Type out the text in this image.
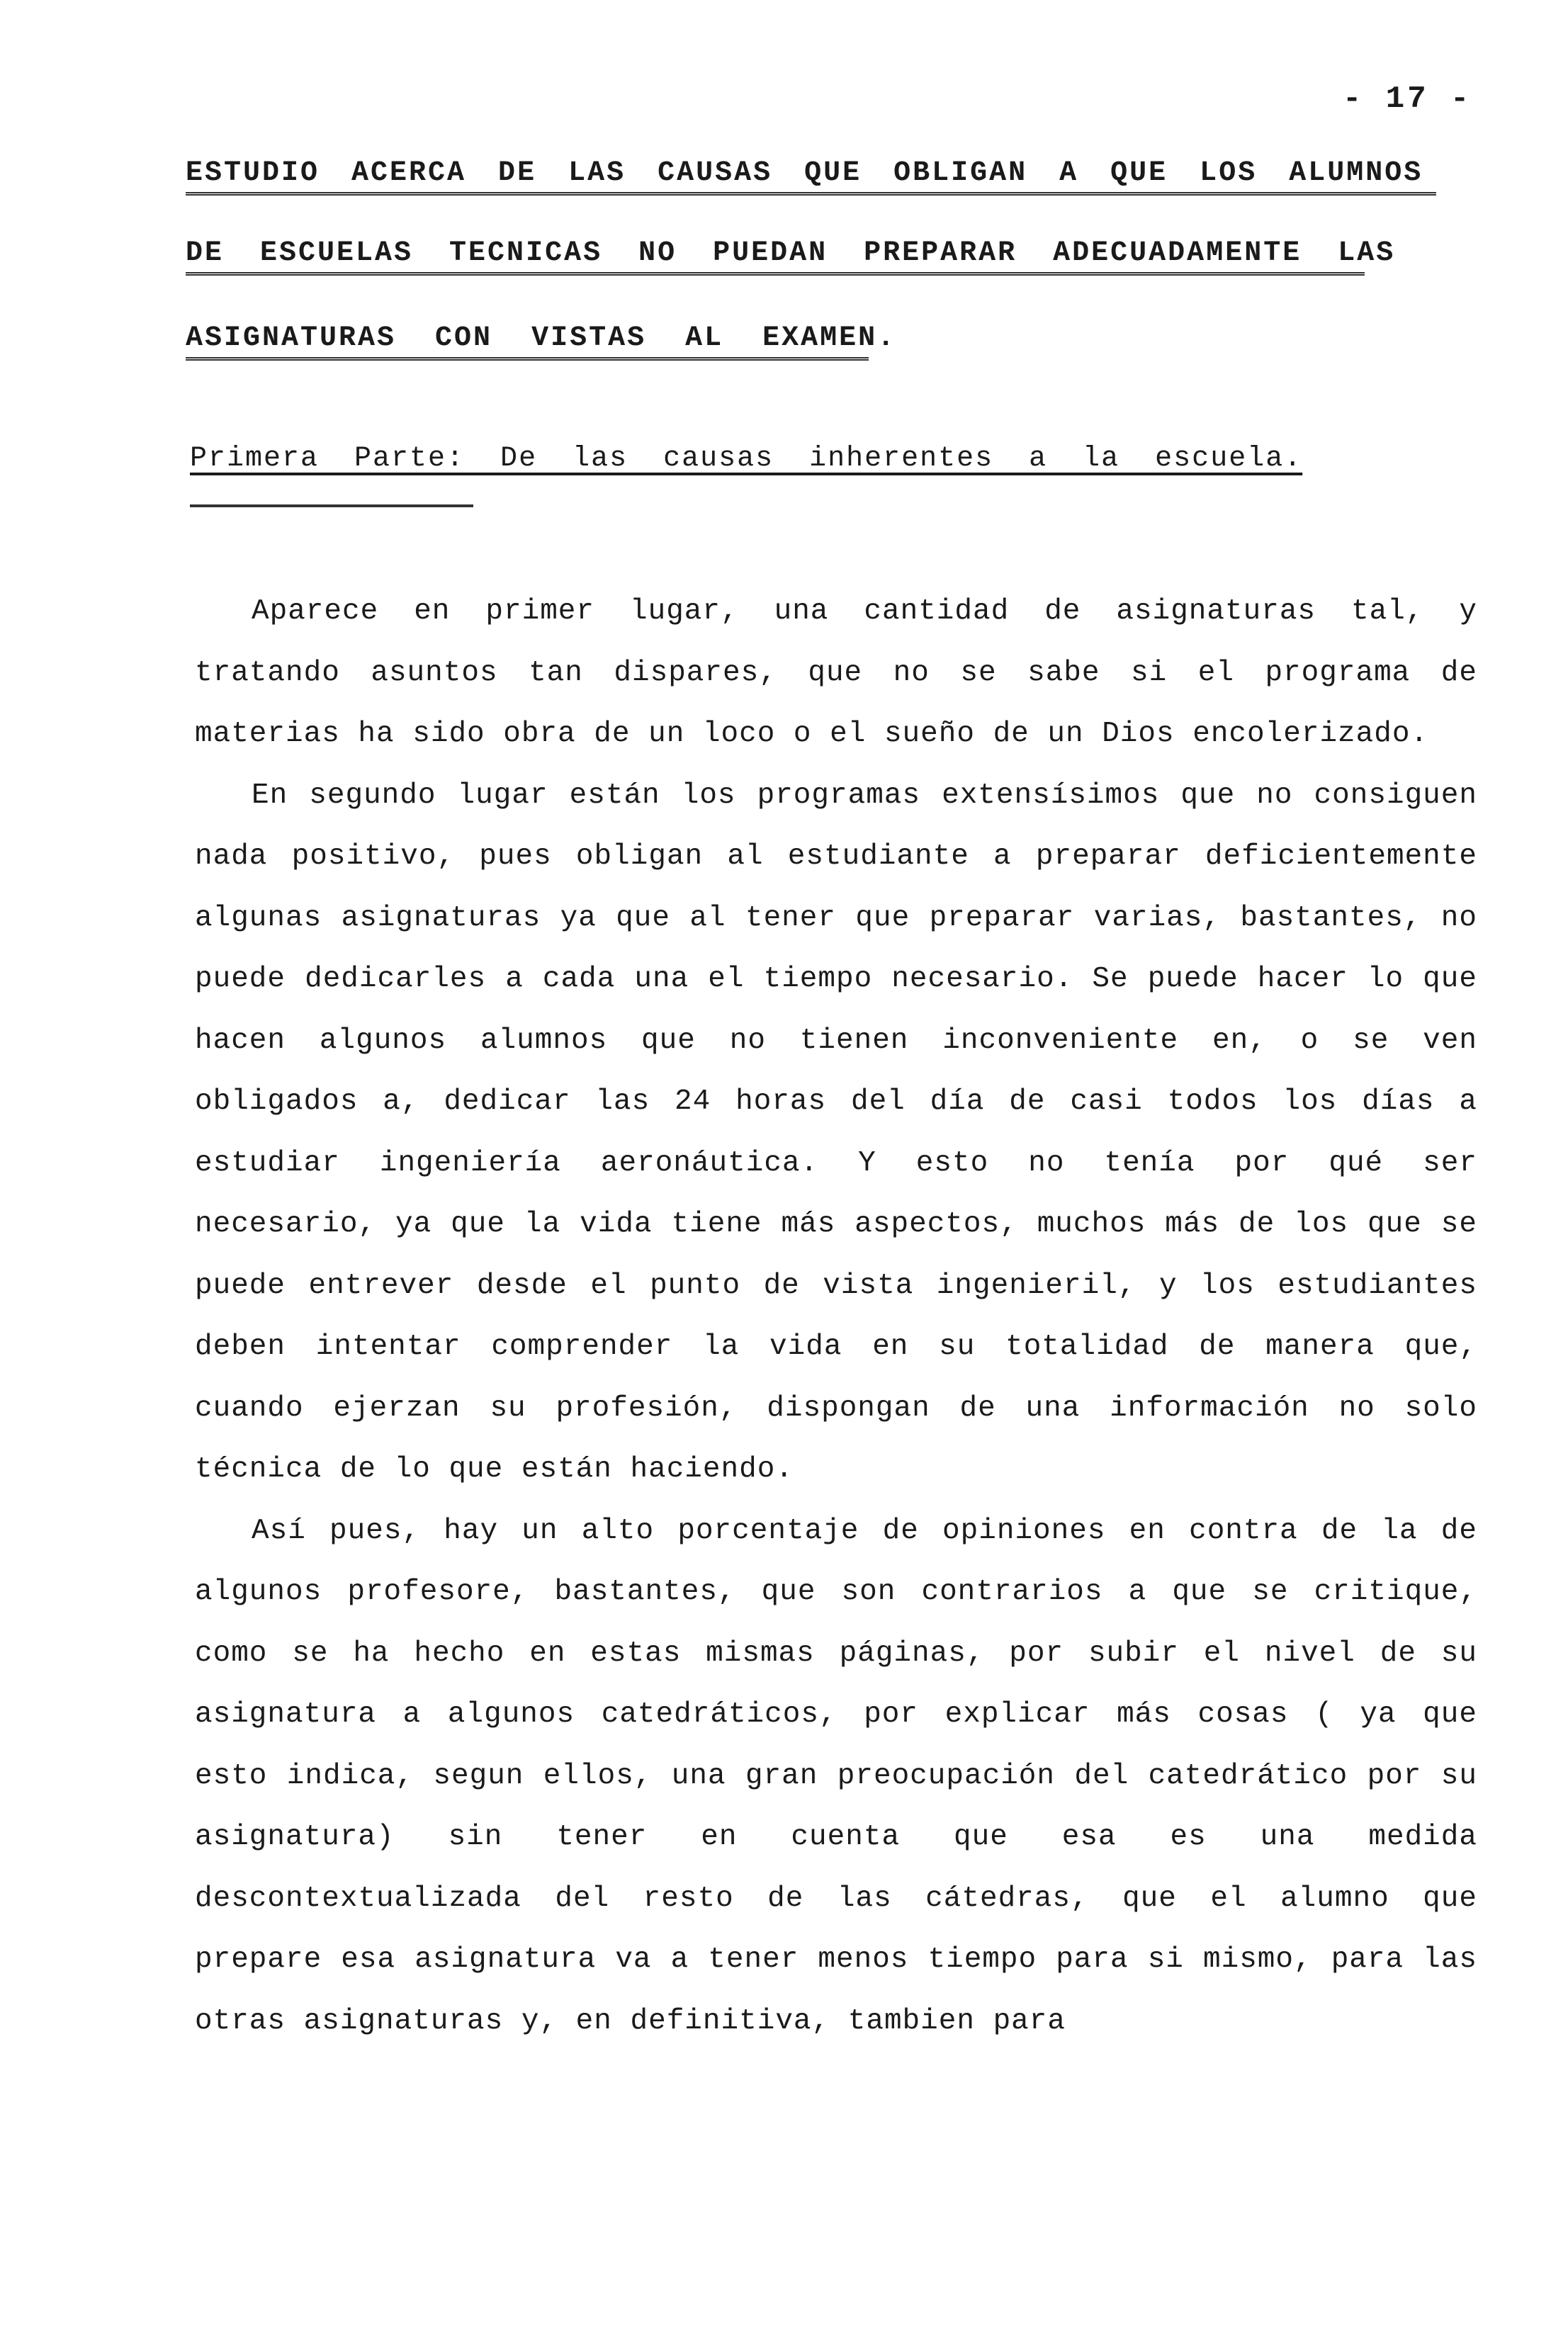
- 17 -
ESTUDIO ACERCA DE LAS CAUSAS QUE OBLIGAN A QUE LOS ALUMNOS
DE ESCUELAS TECNICAS NO PUEDAN PREPARAR ADECUADAMENTE LAS
ASIGNATURAS CON VISTAS AL EXAMEN.
Primera Parte: De las causas inherentes a la escuela.

Aparece en primer lugar, una cantidad de asignaturas tal, y tratando asuntos tan dispares, que no se sabe si el programa de materias ha sido obra de un loco o el sueño de un Dios encolerizado.

En segundo lugar están los programas extensísimos que no consiguen nada positivo, pues obligan al estudiante a preparar deficientemente algunas asignaturas ya que al tener que preparar varias, bastantes, no puede dedicarles a cada una el tiempo necesario. Se puede hacer lo que hacen algunos alumnos que no tienen inconveniente en, o se ven obligados a, dedicar las 24 horas del día de casi todos los días a estudiar ingeniería aeronáutica. Y esto no tenía por qué ser necesario, ya que la vida tiene más aspectos, muchos más de los que se puede entrever desde el punto de vista ingenieril, y los estudiantes deben intentar comprender la vida en su totalidad de manera que, cuando ejerzan su profesión, dispongan de una información no solo técnica de lo que están haciendo.

Así pues, hay un alto porcentaje de opiniones en contra de la de algunos profesore, bastantes, que son contrarios a que se critique, como se ha hecho en estas mismas páginas, por subir el nivel de su asignatura a algunos catedráticos, por explicar más cosas ( ya que esto indica, segun ellos, una gran preocupación del catedrático por su asignatura) sin tener en cuenta que esa es una medida descontextualizada del resto de las cátedras, que el alumno que prepare esa asignatura va a tener menos tiempo para si mismo, para las otras asignaturas y, en definitiva, tambien para
